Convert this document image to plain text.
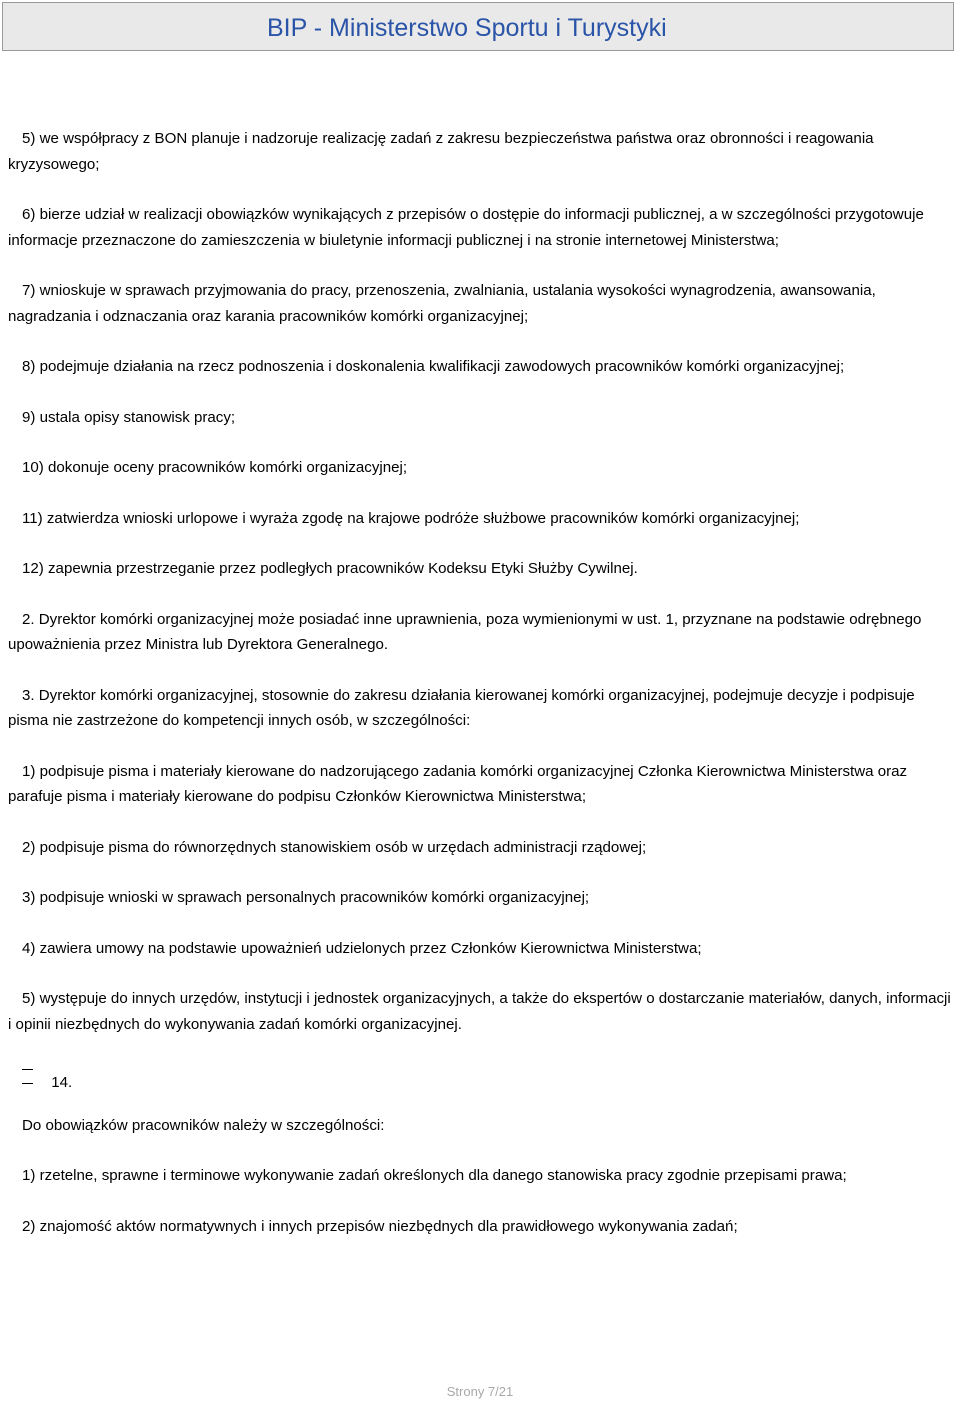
BIP - Ministerstwo Sportu i Turystyki

5) we współpracy z BON planuje i nadzoruje realizację zadań z zakresu bezpieczeństwa państwa oraz obronności i reagowania kryzysowego;

6) bierze udział w realizacji obowiązków wynikających z przepisów o dostępie do informacji publicznej, a w szczególności przygotowuje informacje przeznaczone do zamieszczenia w biuletynie informacji publicznej i na stronie internetowej Ministerstwa;

7) wnioskuje w sprawach przyjmowania do pracy, przenoszenia, zwalniania, ustalania wysokości wynagrodzenia, awansowania, nagradzania i odznaczania oraz karania pracowników komórki organizacyjnej;

8) podejmuje działania na rzecz podnoszenia i doskonalenia kwalifikacji zawodowych pracowników komórki organizacyjnej;

9) ustala opisy stanowisk pracy;

10) dokonuje oceny pracowników komórki organizacyjnej;

11) zatwierdza wnioski urlopowe i wyraża zgodę na krajowe podróże służbowe pracowników komórki organizacyjnej;

12) zapewnia przestrzeganie przez podległych pracowników Kodeksu Etyki Służby Cywilnej.

2. Dyrektor komórki organizacyjnej może posiadać inne uprawnienia, poza wymienionymi w ust. 1, przyznane na podstawie odrębnego upoważnienia przez Ministra lub Dyrektora Generalnego.

3. Dyrektor komórki organizacyjnej, stosownie do zakresu działania kierowanej komórki organizacyjnej, podejmuje decyzje i podpisuje pisma nie zastrzeżone do kompetencji innych osób, w szczególności:

1) podpisuje pisma i materiały kierowane do nadzorującego zadania komórki organizacyjnej Członka Kierownictwa Ministerstwa oraz parafuje pisma i materiały kierowane do podpisu Członków Kierownictwa Ministerstwa;

2) podpisuje pisma do równorzędnych stanowiskiem osób w urzędach administracji rządowej;

3) podpisuje wnioski w sprawach personalnych pracowników komórki organizacyjnej;

4) zawiera umowy na podstawie upoważnień udzielonych przez Członków Kierownictwa Ministerstwa;

5) występuje do innych urzędów, instytucji i jednostek organizacyjnych, a także do ekspertów o dostarczanie materiałów, danych, informacji i opinii niezbędnych do wykonywania zadań komórki organizacyjnej.

14.

Do obowiązków pracowników należy w szczególności:

1) rzetelne, sprawne i terminowe wykonywanie zadań określonych dla danego stanowiska pracy zgodnie przepisami prawa;

2) znajomość aktów normatywnych i innych przepisów niezbędnych dla prawidłowego wykonywania zadań;

Strony 7/21
